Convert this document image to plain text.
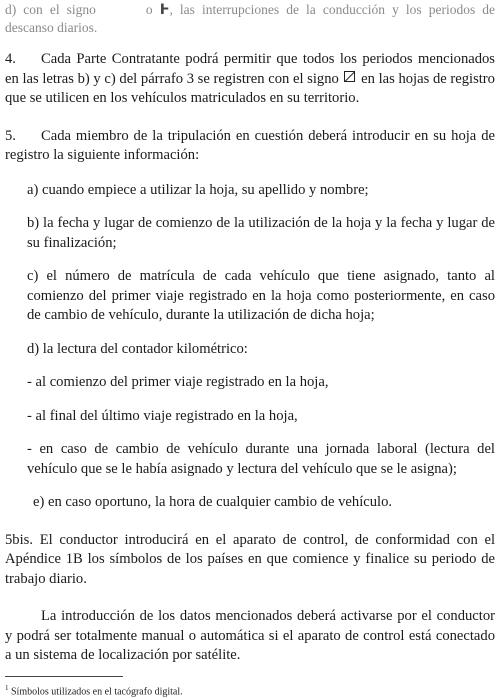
d) con el signo	o Ⱶ, las interrupciones de la conducción y los periodos de descanso diarios.

4. Cada Parte Contratante podrá permitir que todos los periodos mencionados en las letras b) y c) del párrafo 3 se registren con el signo ☒ en las hojas de registro que se utilicen en los vehículos matriculados en su territorio.

5. Cada miembro de la tripulación en cuestión deberá introducir en su hoja de registro la siguiente información:

a) cuando empiece a utilizar la hoja, su apellido y nombre;

b) la fecha y lugar de comienzo de la utilización de la hoja y la fecha y lugar de su finalización;

c) el número de matrícula de cada vehículo que tiene asignado, tanto al comienzo del primer viaje registrado en la hoja como posteriormente, en caso de cambio de vehículo, durante la utilización de dicha hoja;

d) la lectura del contador kilométrico:

- al comienzo del primer viaje registrado en la hoja,

- al final del último viaje registrado en la hoja,

- en caso de cambio de vehículo durante una jornada laboral (lectura del vehículo que se le había asignado y lectura del vehículo que se le asigna);

e) en caso oportuno, la hora de cualquier cambio de vehículo.

5bis. El conductor introducirá en el aparato de control, de conformidad con el Apéndice 1B los símbolos de los países en que comience y finalice su periodo de trabajo diario.

La introducción de los datos mencionados deberá activarse por el conductor y podrá ser totalmente manual o automática si el aparato de control está conectado a un sistema de localización por satélite.

$^1$ Símbolos utilizados en el tacógrafo digital.
